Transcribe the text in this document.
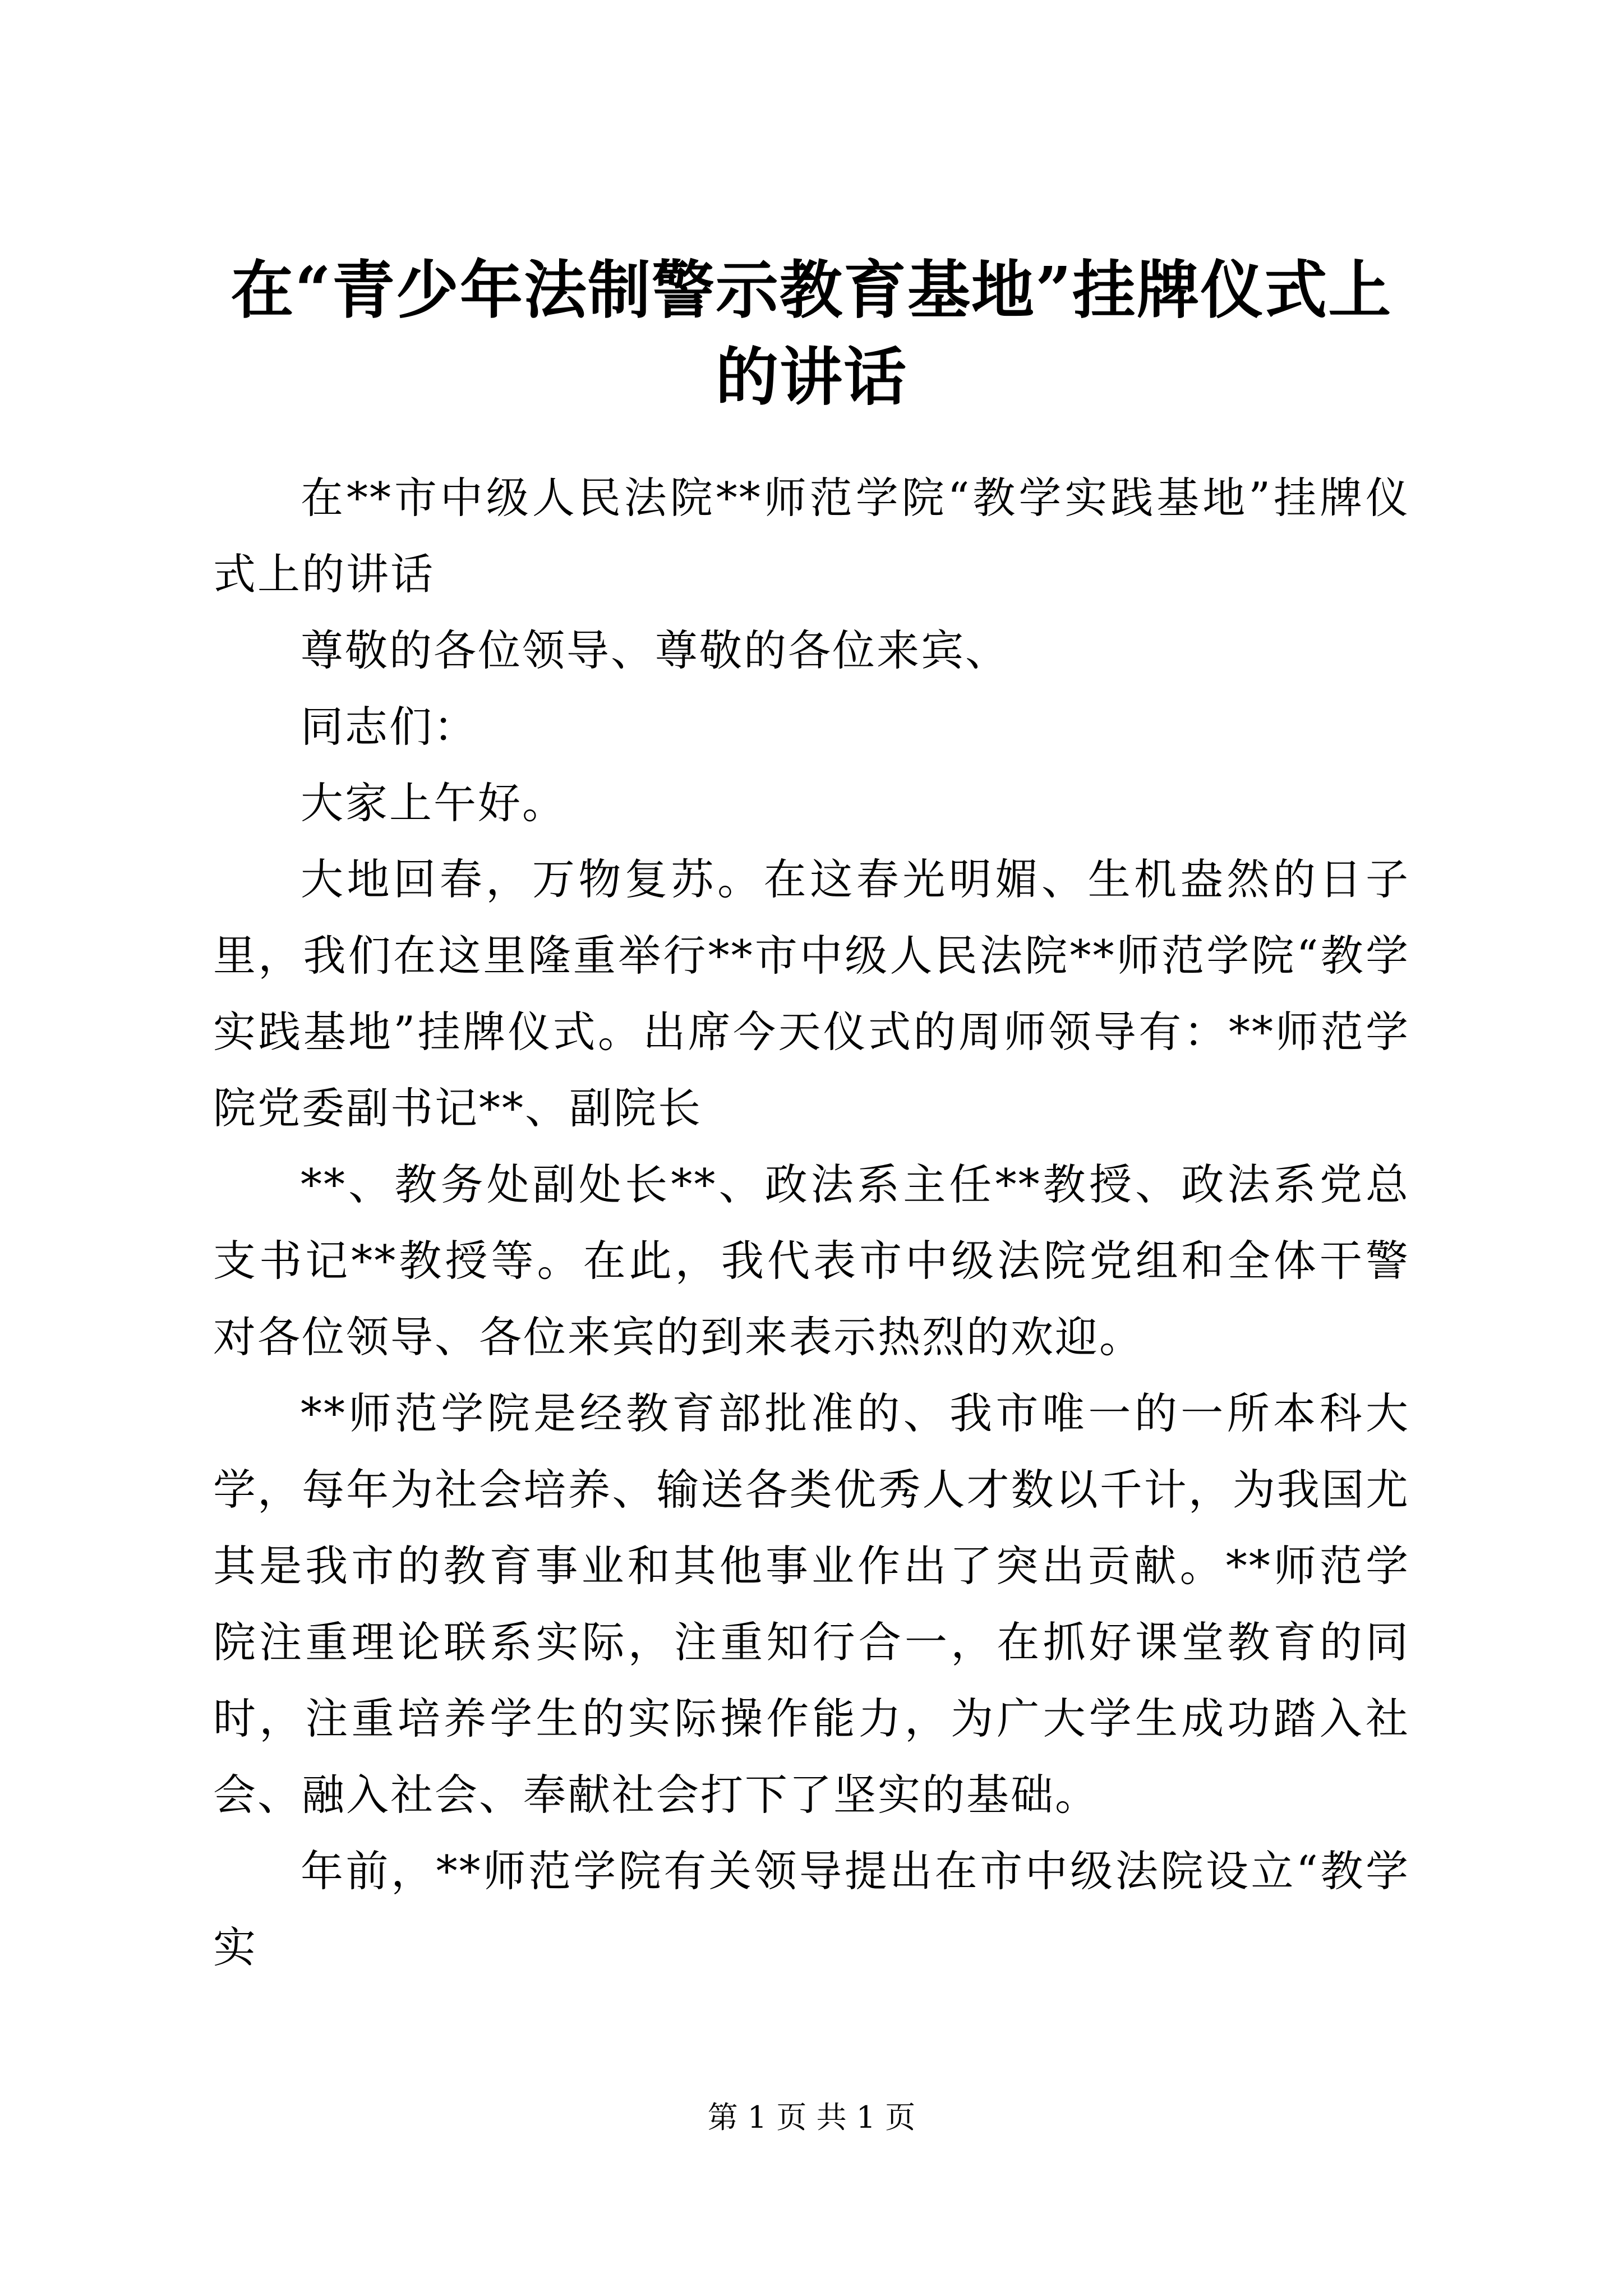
在“青少年法制警示教育基地”挂牌仪式上的讲话

在**市中级人民法院**师范学院“教学实践基地”挂牌仪式上的讲话

尊敬的各位领导、尊敬的各位来宾、

同志们：

大家上午好。

大地回春，万物复苏。在这春光明媚、生机盎然的日子里，我们在这里隆重举行**市中级人民法院**师范学院“教学实践基地”挂牌仪式。出席今天仪式的周师领导有：**师范学院党委副书记**、副院长

**、教务处副处长**、政法系主任**教授、政法系党总支书记**教授等。在此，我代表市中级法院党组和全体干警对各位领导、各位来宾的到来表示热烈的欢迎。

**师范学院是经教育部批准的、我市唯一的一所本科大学，每年为社会培养、输送各类优秀人才数以千计，为我国尤其是我市的教育事业和其他事业作出了突出贡献。**师范学院注重理论联系实际，注重知行合一，在抓好课堂教育的同时，注重培养学生的实际操作能力，为广大学生成功踏入社会、融入社会、奉献社会打下了坚实的基础。

年前，**师范学院有关领导提出在市中级法院设立“教学实

第 1 页 共 1 页
